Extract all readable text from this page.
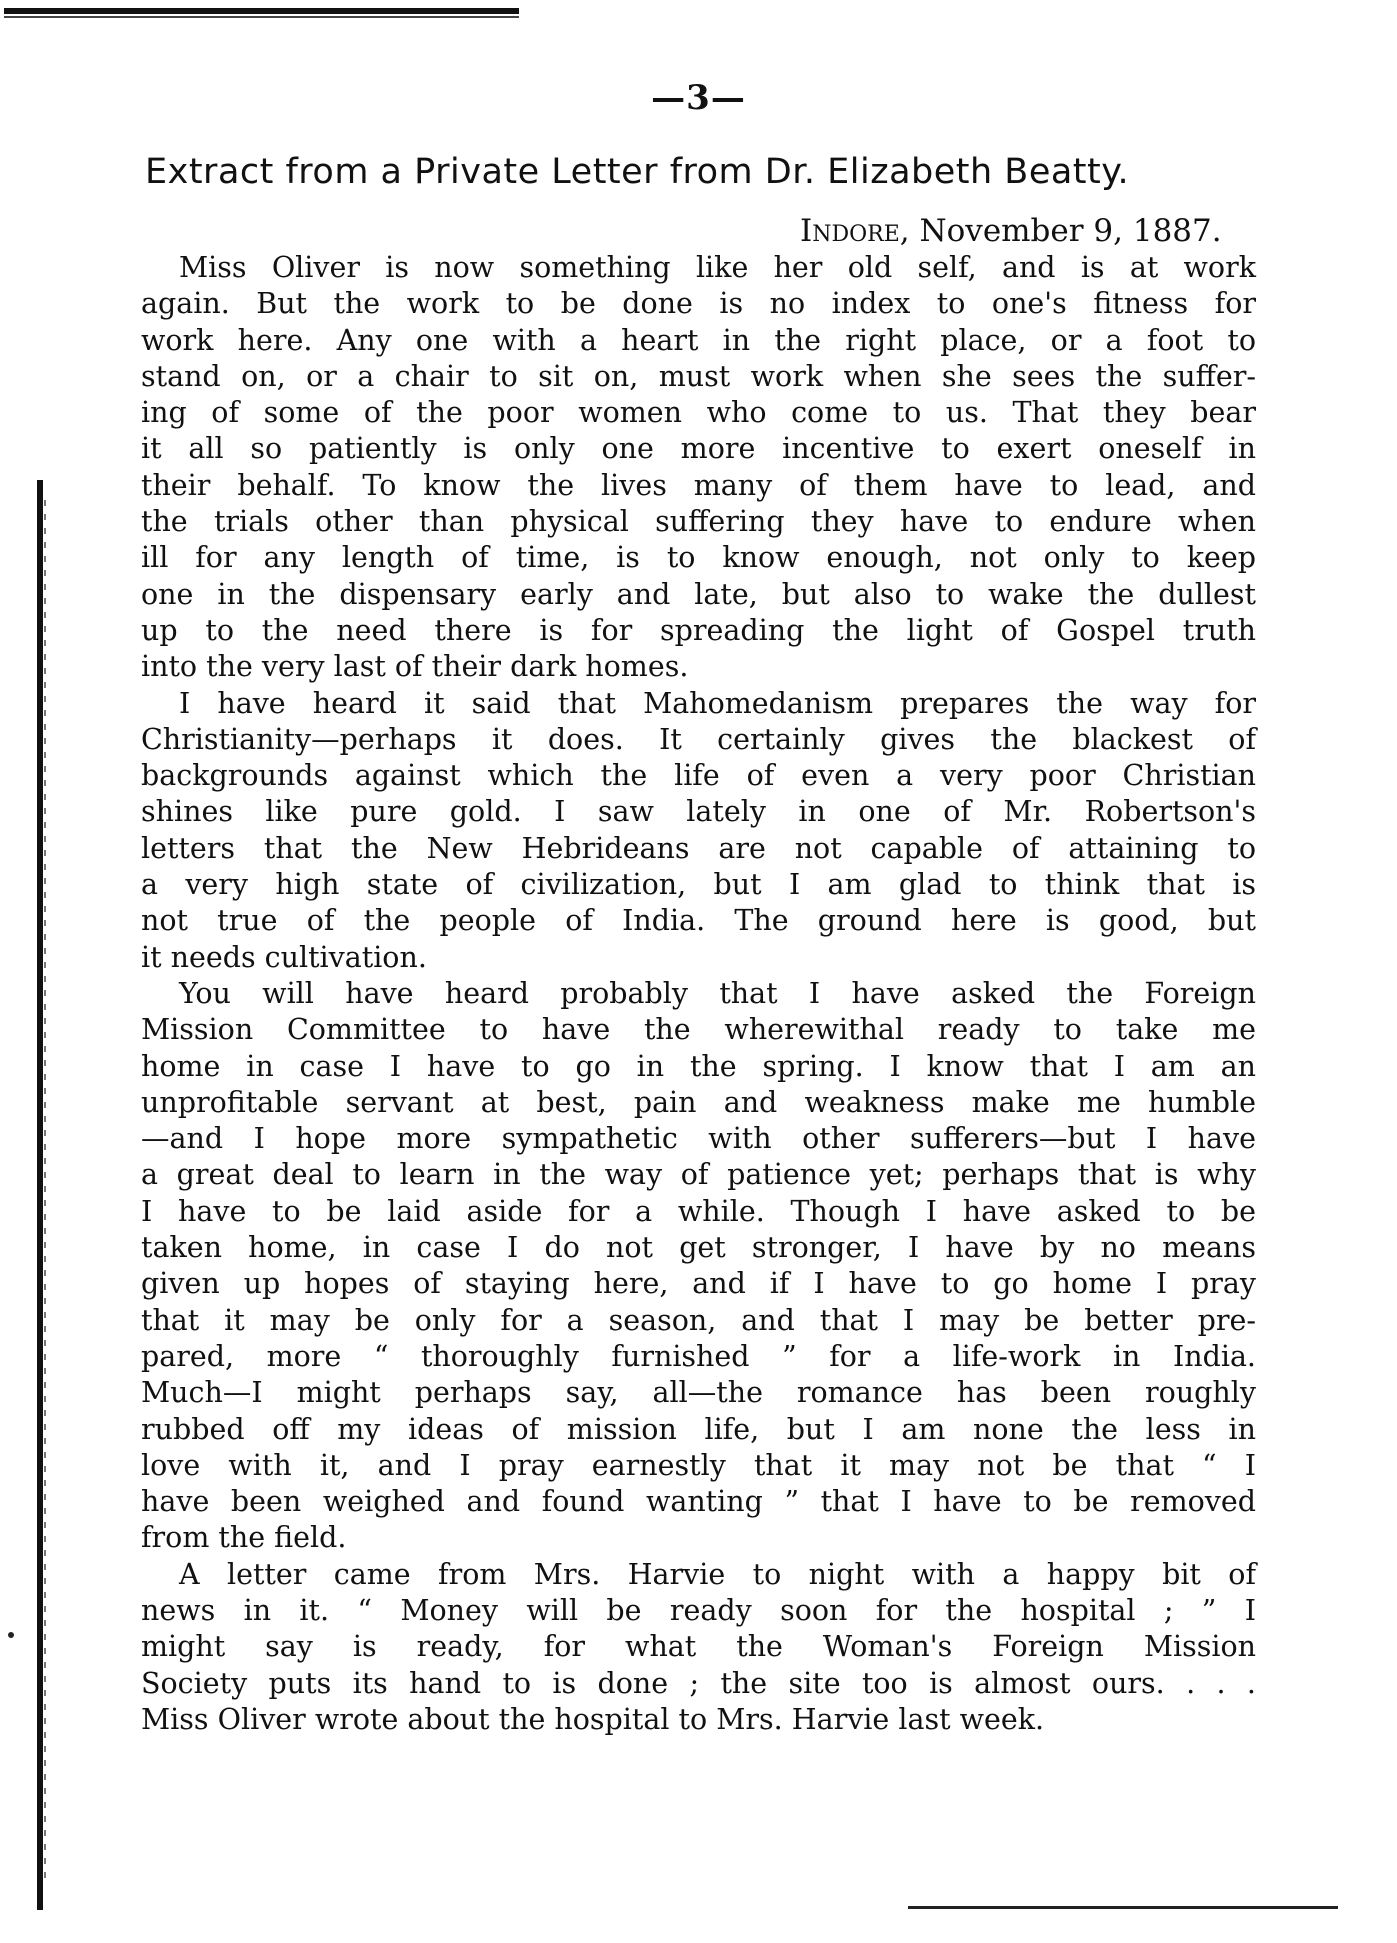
—3—
Extract from a Private Letter from Dr. Elizabeth Beatty.
Indore, November 9, 1887.

Miss Oliver is now something like her old self, and is at work
again. But the work to be done is no index to one's fitness for
work here. Any one with a heart in the right place, or a foot to
stand on, or a chair to sit on, must work when she sees the suffer-
ing of some of the poor women who come to us. That they bear
it all so patiently is only one more incentive to exert oneself in
their behalf. To know the lives many of them have to lead, and
the trials other than physical suffering they have to endure when
ill for any length of time, is to know enough, not only to keep
one in the dispensary early and late, but also to wake the dullest
up to the need there is for spreading the light of Gospel truth
into the very last of their dark homes.

I have heard it said that Mahomedanism prepares the way for
Christianity—perhaps it does. It certainly gives the blackest of
backgrounds against which the life of even a very poor Christian
shines like pure gold. I saw lately in one of Mr. Robertson's
letters that the New Hebrideans are not capable of attaining to
a very high state of civilization, but I am glad to think that is
not true of the people of India. The ground here is good, but
it needs cultivation.

You will have heard probably that I have asked the Foreign
Mission Committee to have the wherewithal ready to take me
home in case I have to go in the spring. I know that I am an
unprofitable servant at best, pain and weakness make me humble
—and I hope more sympathetic with other sufferers—but I have
a great deal to learn in the way of patience yet; perhaps that is why
I have to be laid aside for a while. Though I have asked to be
taken home, in case I do not get stronger, I have by no means
given up hopes of staying here, and if I have to go home I pray
that it may be only for a season, and that I may be better pre-
pared, more “ thoroughly furnished ” for a life-work in India.
Much—I might perhaps say, all—the romance has been roughly
rubbed off my ideas of mission life, but I am none the less in
love with it, and I pray earnestly that it may not be that “ I
have been weighed and found wanting ” that I have to be removed
from the field.

A letter came from Mrs. Harvie to night with a happy bit of
news in it. “ Money will be ready soon for the hospital ; ” I
might say is ready, for what the Woman's Foreign Mission
Society puts its hand to is done ; the site too is almost ours. . . .
Miss Oliver wrote about the hospital to Mrs. Harvie last week.
